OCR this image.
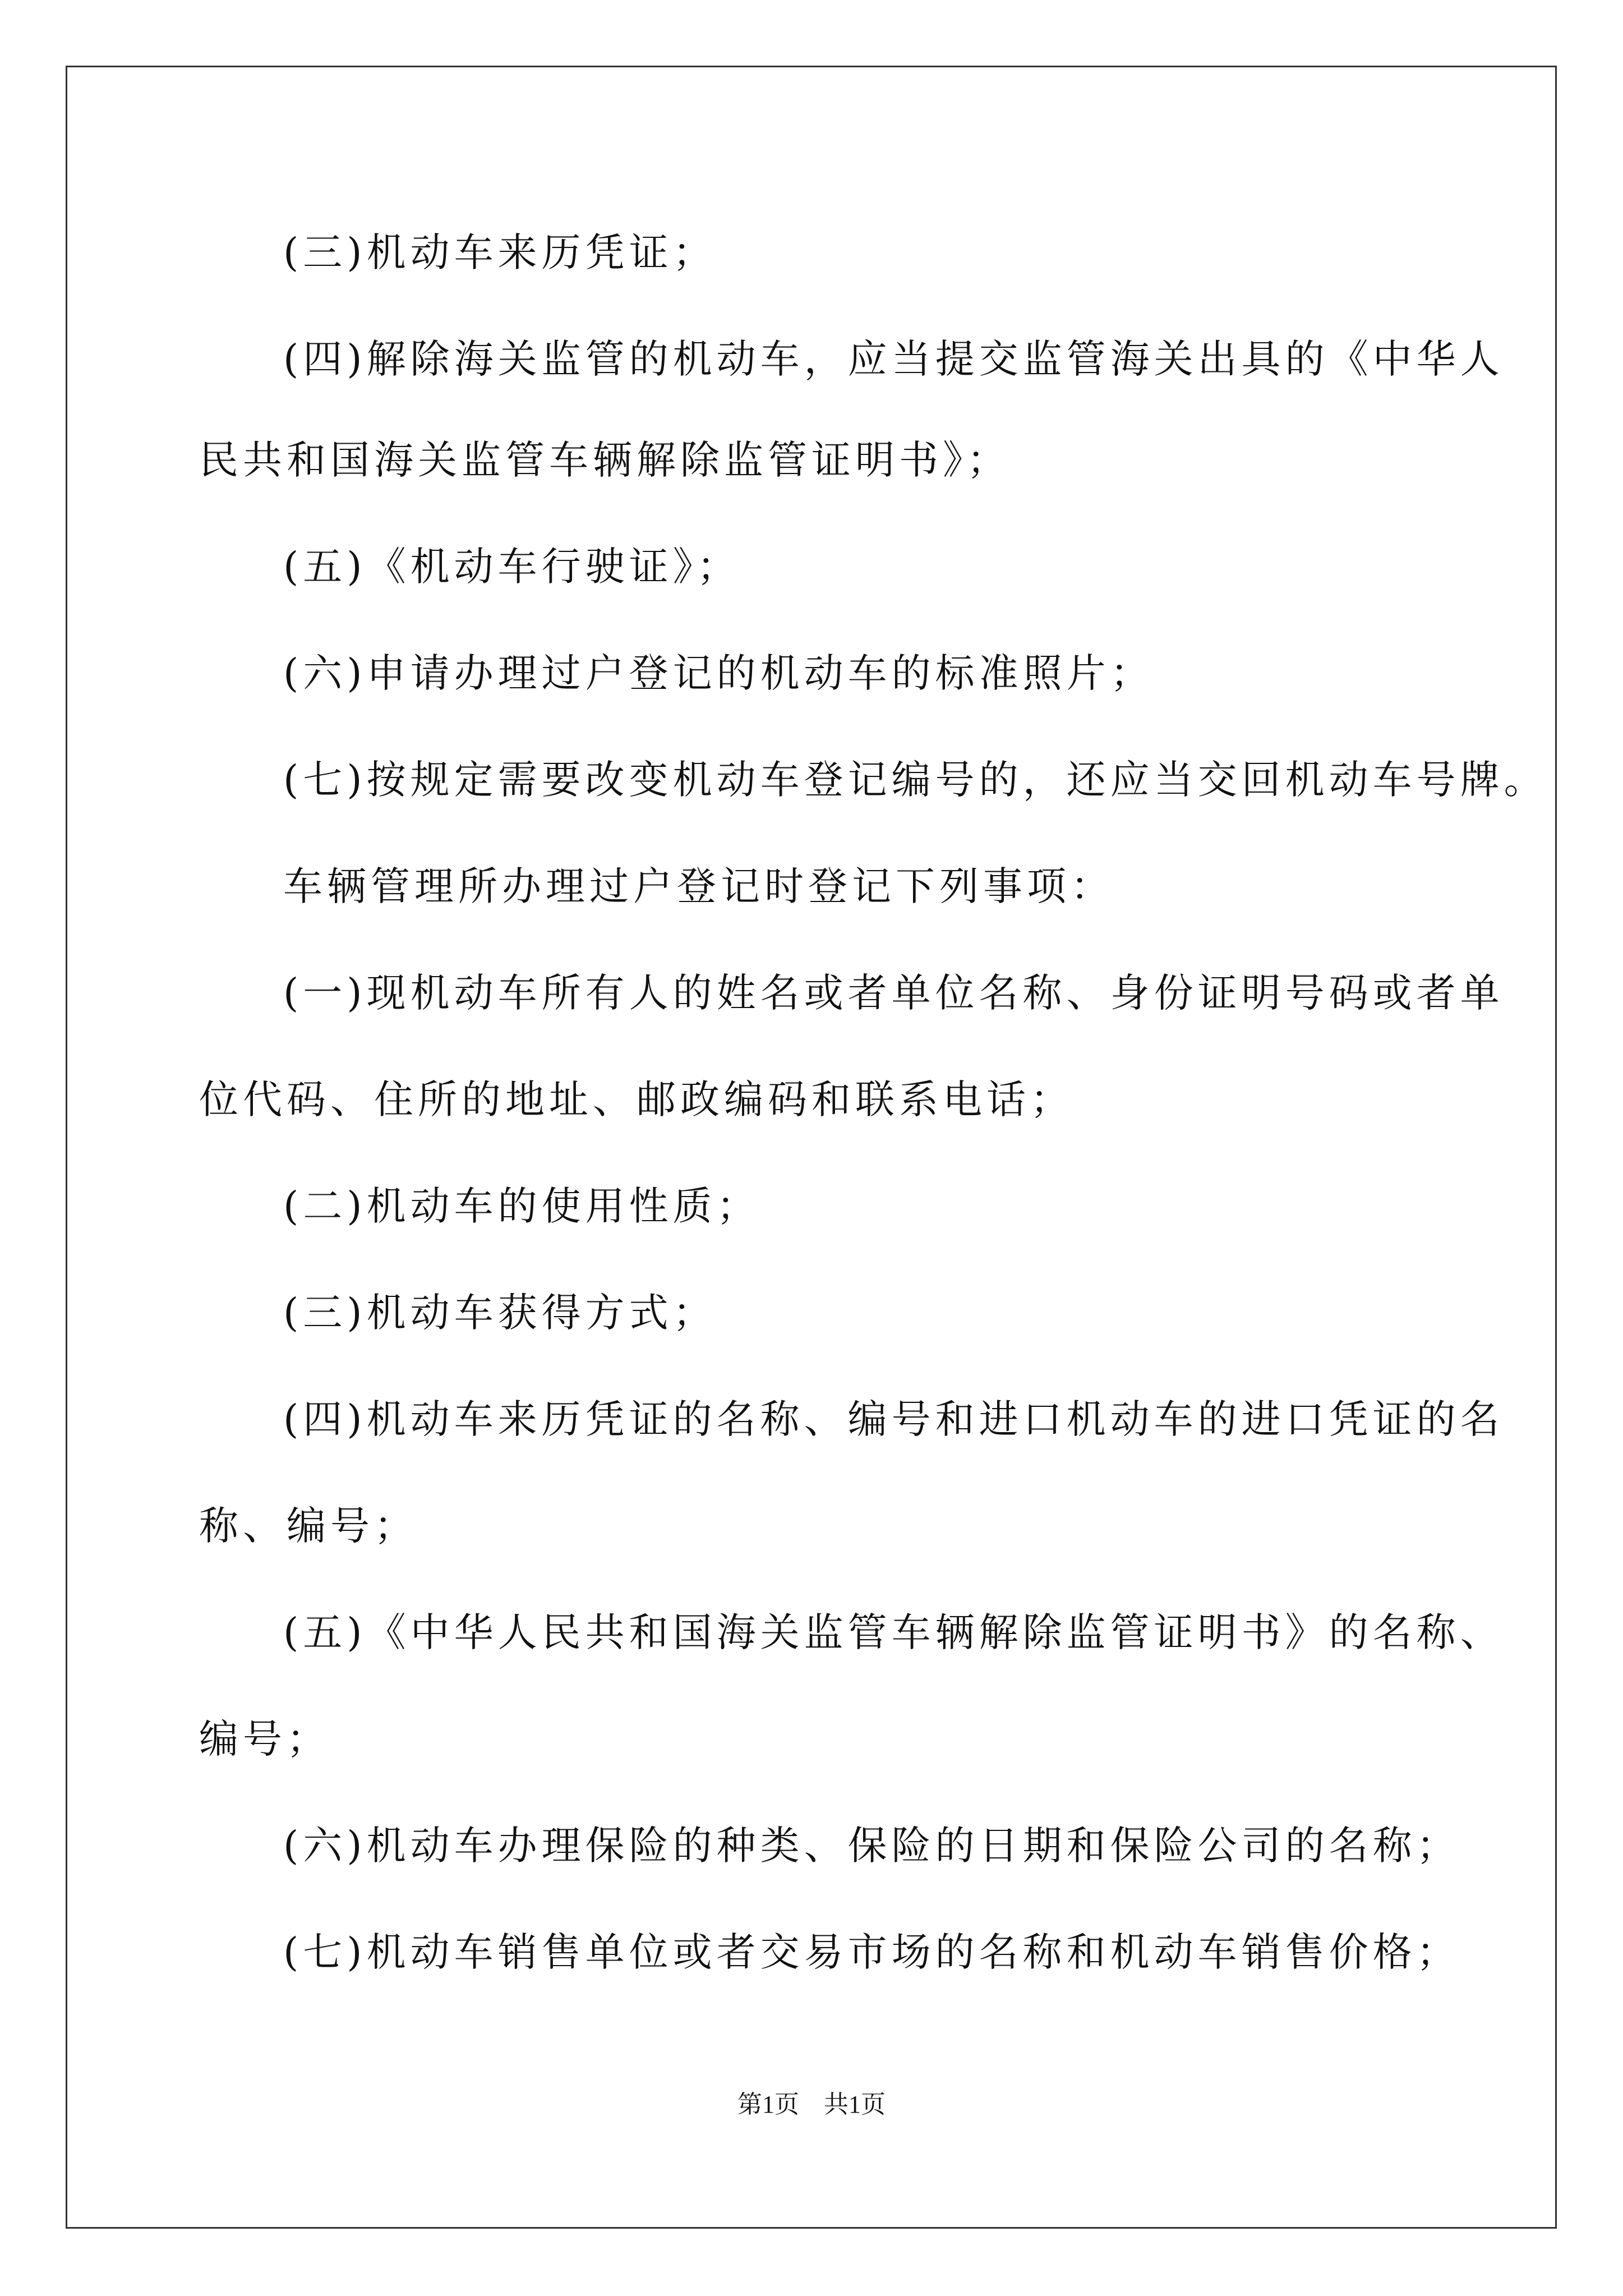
(三)机动车来历凭证；
(四)解除海关监管的机动车，应当提交监管海关出具的《中华人
民共和国海关监管车辆解除监管证明书》；
(五)《机动车行驶证》；
(六)申请办理过户登记的机动车的标准照片；
(七)按规定需要改变机动车登记编号的，还应当交回机动车号牌。
车辆管理所办理过户登记时登记下列事项：
(一)现机动车所有人的姓名或者单位名称、身份证明号码或者单
位代码、住所的地址、邮政编码和联系电话；
(二)机动车的使用性质；
(三)机动车获得方式；
(四)机动车来历凭证的名称、编号和进口机动车的进口凭证的名
称、编号；
(五)《中华人民共和国海关监管车辆解除监管证明书》的名称、
编号；
(六)机动车办理保险的种类、保险的日期和保险公司的名称；
(七)机动车销售单位或者交易市场的名称和机动车销售价格；
第1页　共1页
